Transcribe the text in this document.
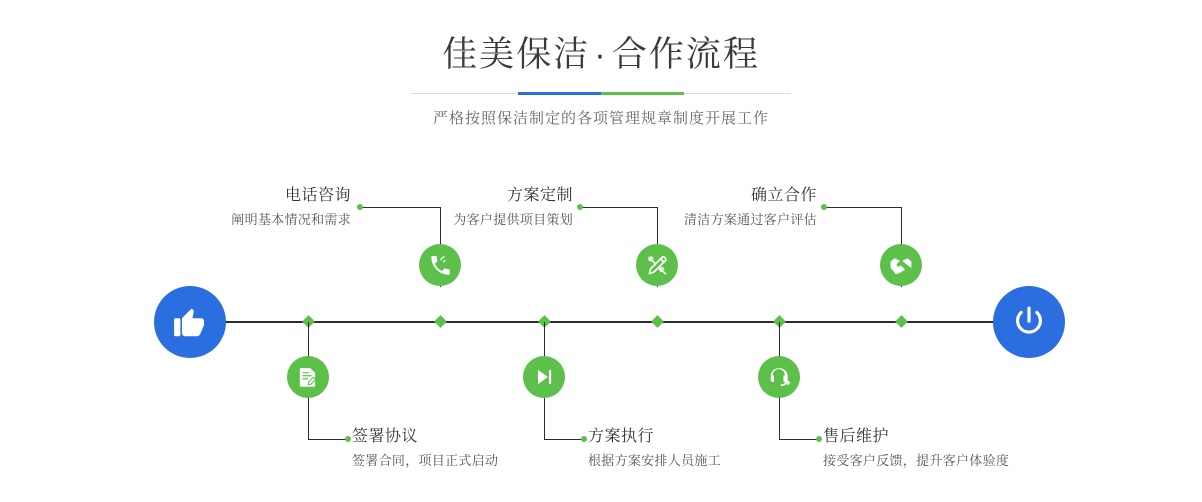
佳美保洁 · 合作流程
严格按照保洁制定的各项管理规章制度开展工作
电话咨询
阐明基本情况和需求
签署协议
签署合同，项目正式启动
方案定制
为客户提供项目策划
方案执行
根据方案安排人员施工
确立合作
清洁方案通过客户评估
售后维护
接受客户反馈，提升客户体验度
